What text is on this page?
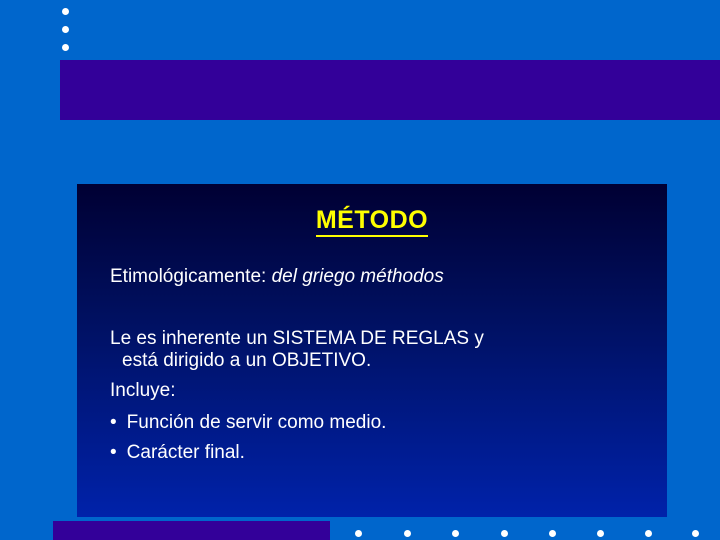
MÉTODO
Etimológicamente: del griego méthodos
Le es inherente un SISTEMA DE REGLAS y
está dirigido a un OBJETIVO.
Incluye:
• Función de servir como medio.
• Carácter final.
